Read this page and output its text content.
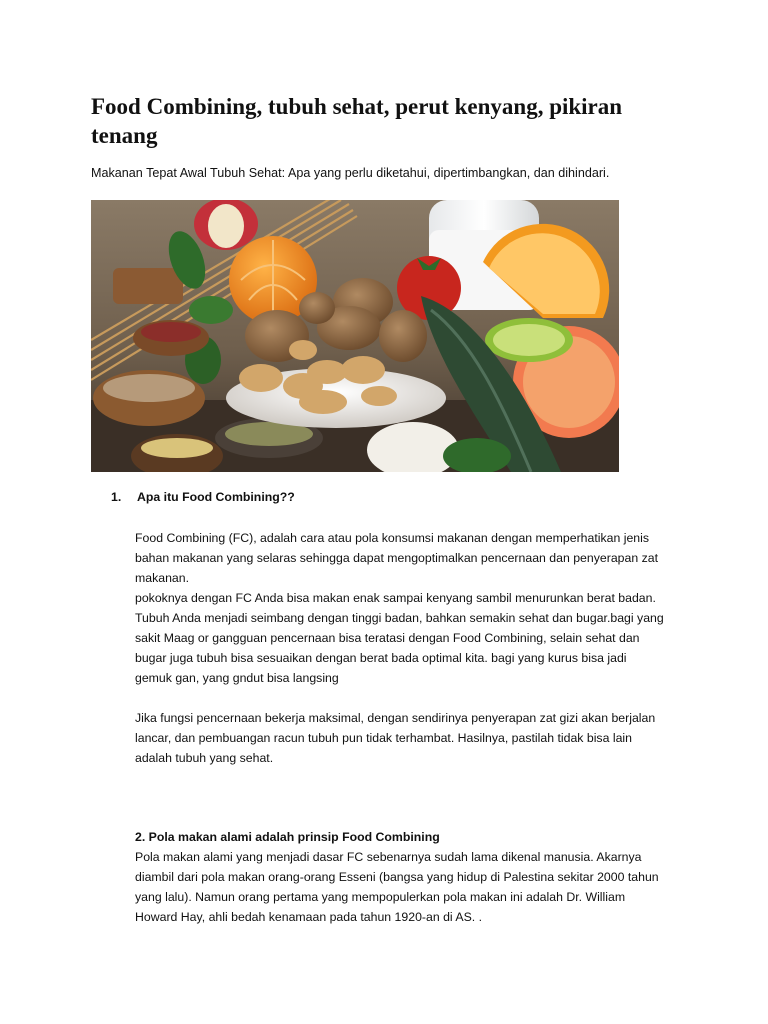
Food Combining, tubuh sehat, perut kenyang, pikiran tenang

Makanan Tepat Awal Tubuh Sehat: Apa yang perlu diketahui, dipertimbangkan, dan dihindari.

1. Apa itu Food Combining??
Food Combining (FC), adalah cara atau pola konsumsi makanan dengan memperhatikan jenis
bahan makanan yang selaras sehingga dapat mengoptimalkan pencernaan dan penyerapan zat
makanan.
pokoknya dengan FC Anda bisa makan enak sampai kenyang sambil menurunkan berat badan.
Tubuh Anda menjadi seimbang dengan tinggi badan, bahkan semakin sehat dan bugar.bagi yang
sakit Maag or gangguan pencernaan bisa teratasi dengan Food Combining, selain sehat dan
bugar juga tubuh bisa sesuaikan dengan berat bada optimal kita. bagi yang kurus bisa jadi
gemuk gan, yang gndut bisa langsing
Jika fungsi pencernaan bekerja maksimal, dengan sendirinya penyerapan zat gizi akan berjalan
lancar, dan pembuangan racun tubuh pun tidak terhambat. Hasilnya, pastilah tidak bisa lain
adalah tubuh yang sehat.
2. Pola makan alami adalah prinsip Food Combining
Pola makan alami yang menjadi dasar FC sebenarnya sudah lama dikenal manusia. Akarnya
diambil dari pola makan orang-orang Esseni (bangsa yang hidup di Palestina sekitar 2000 tahun
yang lalu). Namun orang pertama yang mempopulerkan pola makan ini adalah Dr. William
Howard Hay, ahli bedah kenamaan pada tahun 1920-an di AS. .
